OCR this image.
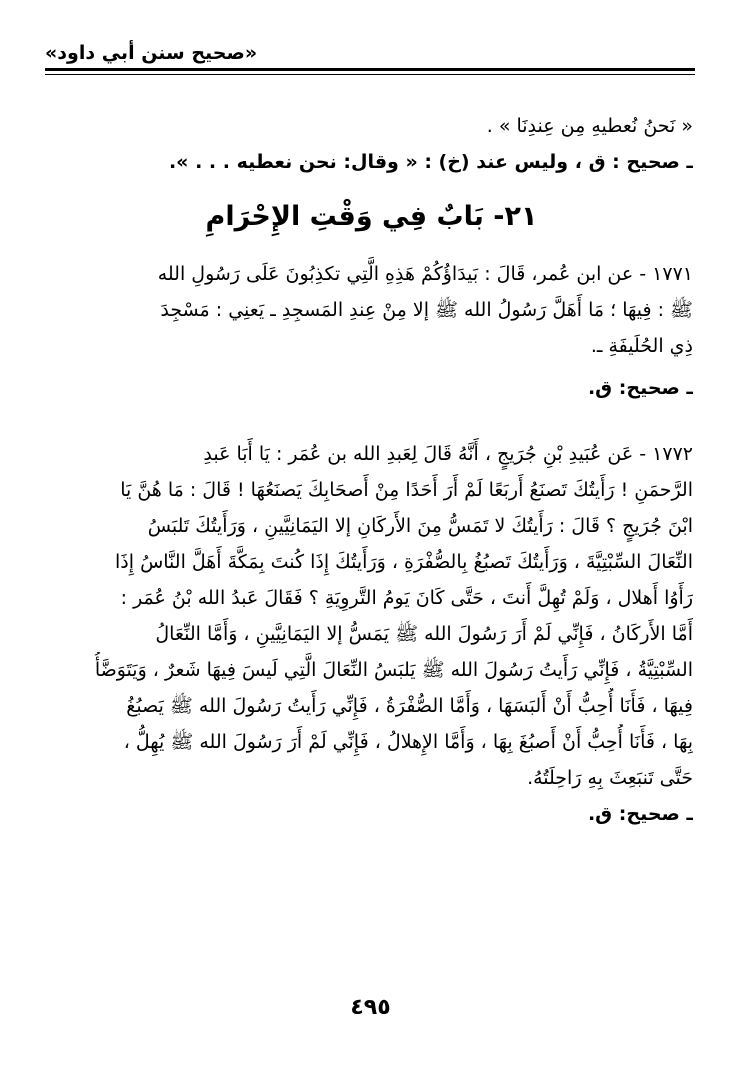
«صحيح سنن أبي داود»
« نَحنُ نُعطيهِ مِن عِندِنَا » .
ـ صحيح : ق ، وليس عند (خ) : « وقال: نحن نعطيه . . . ».
٢١- بَابٌ فِي وَقْتِ الإِحْرَامِ
١٧٧١ - عن ابن عُمر، قَالَ : بَيدَاؤُكُمْ هَذِهِ الَّتِي تكذِبُونَ عَلَى رَسُولِ الله
ﷺ : فِيهَا ؛ مَا أَهَلَّ رَسُولُ الله ﷺ إلا مِنْ عِندِ المَسجِدِ ـ يَعنِي : مَسْجِدَ
ذِي الحُلَيفَةِ ـ.
ـ صحيح: ق.
١٧٧٢ - عَن عُبَيدِ بْنِ جُرَيجٍ ، أَنَّهُ قَالَ لِعَبدِ الله بن عُمَر : يَا أَبَا عَبدِ
الرَّحمَنِ ! رَأَيتُكَ تَصنَعُ أَربَعًا لَمْ أَرَ أَحَدًا مِنْ أَصحَابِكَ يَصنَعُهَا ! قَالَ : مَا هُنَّ يَا
ابْنَ جُرَيجٍ ؟ قَالَ : رَأَيتُكَ لا تَمَسُّ مِنَ الأَركَانِ إلا اليَمَانِيَّينِ ، وَرَأَيتُكَ تَلبَسُ
النِّعَالَ السِّبْتِيَّةَ ، وَرَأَيتُكَ تَصبُغُ بِالصُّفْرَةِ ، وَرَأَيتُكَ إِذَا كُنتَ بِمَكَّةَ أَهَلَّ النَّاسُ إِذَا
رَأَوُا أَهلال ، وَلَمْ تُهِلَّ أَنتَ ، حَتَّى كَانَ يَومُ التَّروِيَةِ ؟ فَقَالَ عَبدُ الله بْنُ عُمَر :
أَمَّا الأَركَانُ ، فَإِنِّي لَمْ أَرَ رَسُولَ الله ﷺ يَمَسُّ إلا اليَمَانِيَّينِ ، وَأَمَّا النِّعَالُ
السِّبْتِيَّةُ ، فَإِنِّي رَأَيتُ رَسُولَ الله ﷺ يَلبَسُ النِّعَالَ الَّتِي لَيسَ فِيهَا شَعرٌ ، وَيَتَوَضَّأُ
فِيهَا ، فَأَنَا أُحِبُّ أَنْ أَلبَسَهَا ، وَأَمَّا الصُّفْرَةُ ، فَإِنِّي رَأَيتُ رَسُولَ الله ﷺ يَصبُغُ
بِهَا ، فَأَنَا أُحِبُّ أَنْ أَصبُغَ بِهَا ، وَأَمَّا الإِهلالُ ، فَإِنِّي لَمْ أَرَ رَسُولَ الله ﷺ يُهِلُّ ،
حَتَّى تَنبَعِثَ بِهِ رَاحِلَتُهُ.
ـ صحيح: ق.
٤٩٥
